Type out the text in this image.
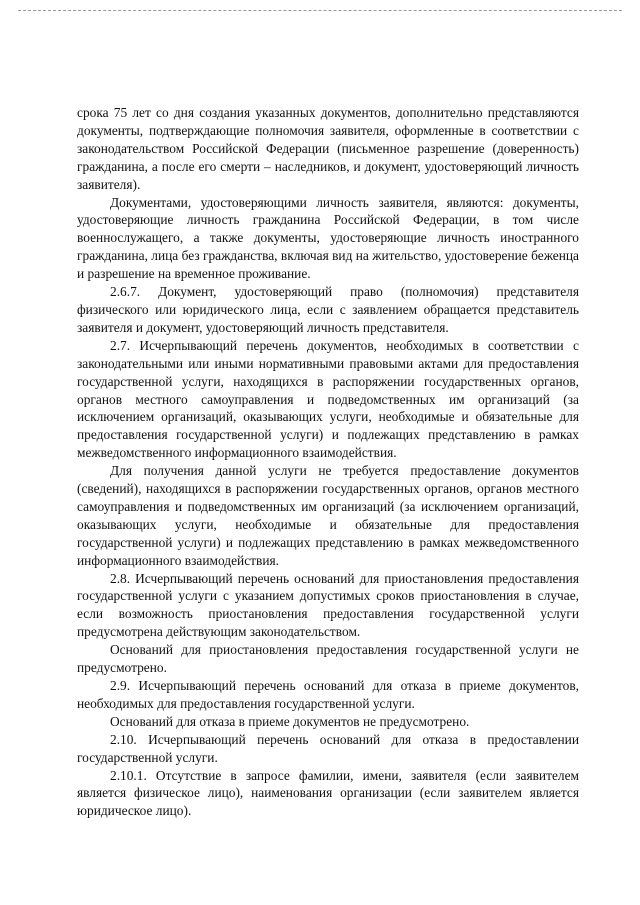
срока 75 лет со дня создания указанных документов, дополнительно представляются документы, подтверждающие полномочия заявителя, оформленные в соответствии с законодательством Российской Федерации (письменное разрешение (доверенность) гражданина, а после его смерти – наследников, и документ, удостоверяющий личность заявителя).

Документами, удостоверяющими личность заявителя, являются: документы, удостоверяющие личность гражданина Российской Федерации, в том числе военнослужащего, а также документы, удостоверяющие личность иностранного гражданина, лица без гражданства, включая вид на жительство, удостоверение беженца и разрешение на временное проживание.

2.6.7. Документ, удостоверяющий право (полномочия) представителя физического или юридического лица, если с заявлением обращается представитель заявителя и документ, удостоверяющий личность представителя.

2.7. Исчерпывающий перечень документов, необходимых в соответствии с законодательными или иными нормативными правовыми актами для предоставления государственной услуги, находящихся в распоряжении государственных органов, органов местного самоуправления и подведомственных им организаций (за исключением организаций, оказывающих услуги, необходимые и обязательные для предоставления государственной услуги) и подлежащих представлению в рамках межведомственного информационного взаимодействия.

Для получения данной услуги не требуется предоставление документов (сведений), находящихся в распоряжении государственных органов, органов местного самоуправления и подведомственных им организаций (за исключением организаций, оказывающих услуги, необходимые и обязательные для предоставления государственной услуги) и подлежащих представлению в рамках межведомственного информационного взаимодействия.

2.8. Исчерпывающий перечень оснований для приостановления предоставления государственной услуги с указанием допустимых сроков приостановления в случае, если возможность приостановления предоставления государственной услуги предусмотрена действующим законодательством.

Оснований для приостановления предоставления государственной услуги не предусмотрено.

2.9. Исчерпывающий перечень оснований для отказа в приеме документов, необходимых для предоставления государственной услуги.

Оснований для отказа в приеме документов не предусмотрено.

2.10. Исчерпывающий перечень оснований для отказа в предоставлении государственной услуги.

2.10.1. Отсутствие в запросе фамилии, имени, заявителя (если заявителем является физическое лицо), наименования организации (если заявителем является юридическое лицо).
